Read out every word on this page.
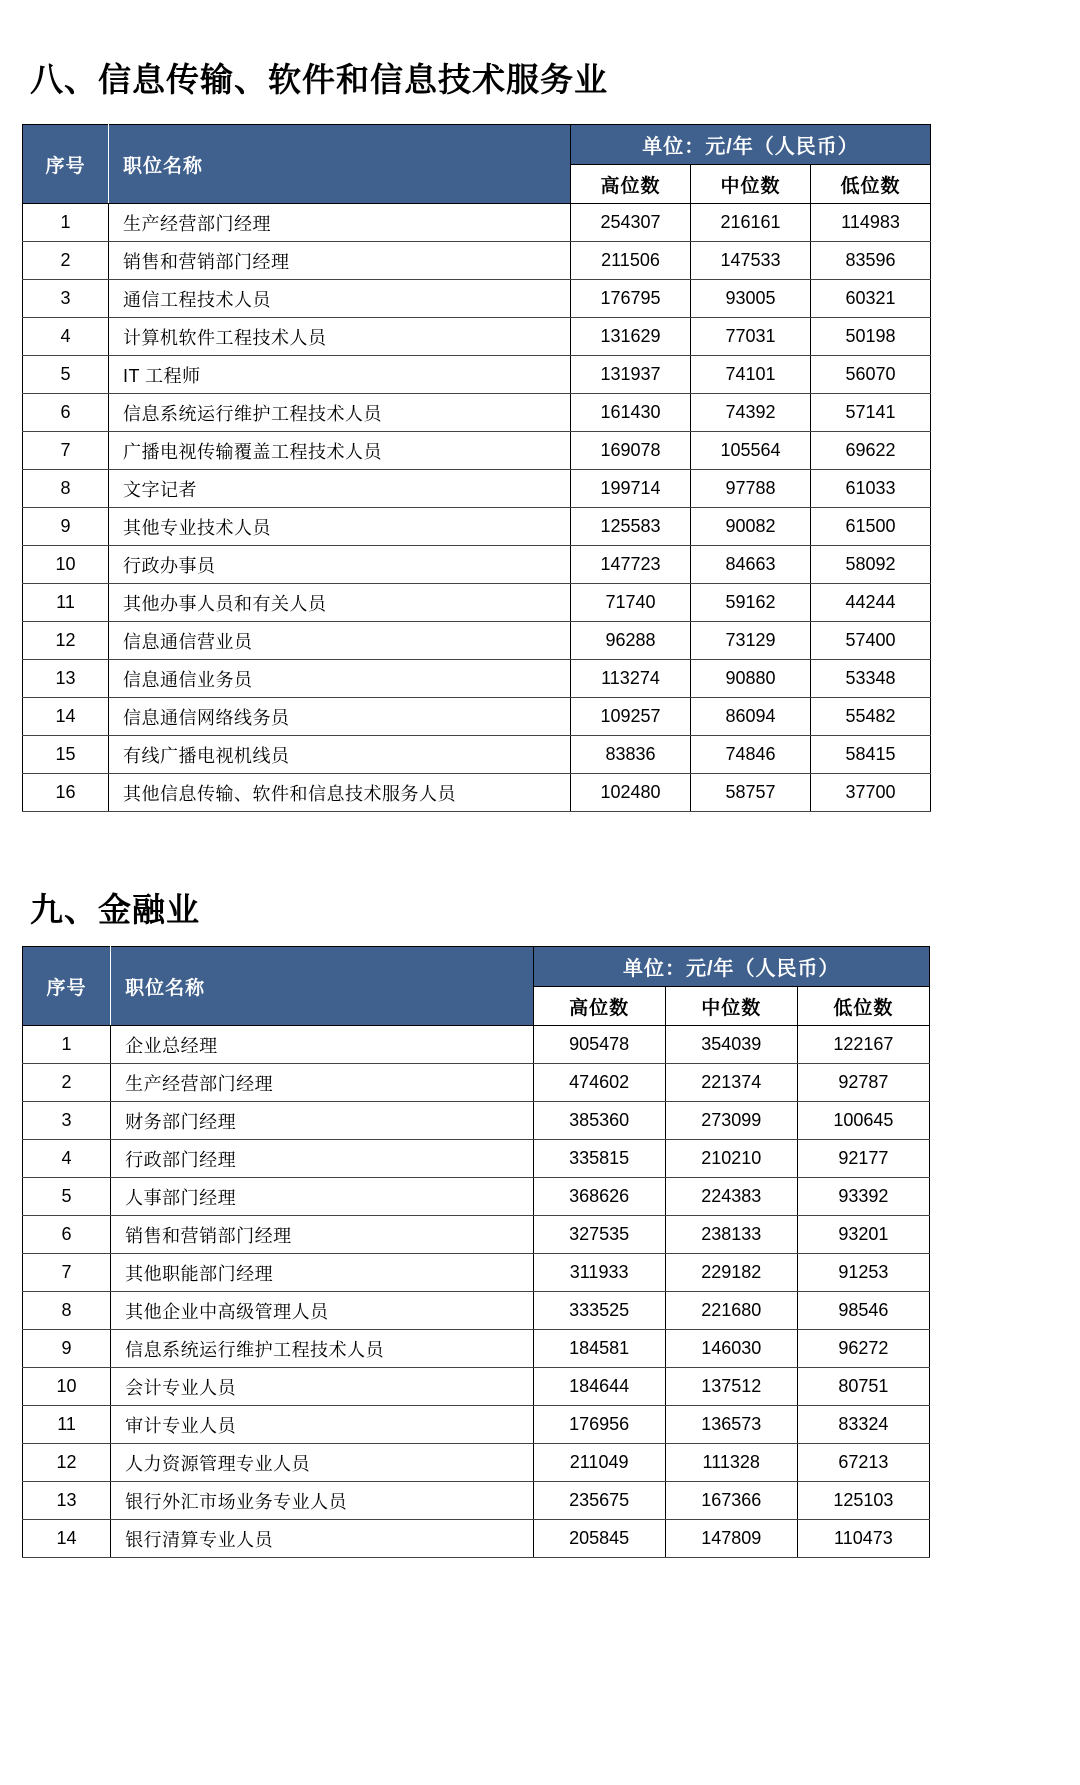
八、信息传输、软件和信息技术服务业
序号	职位名称	单位：元/年（人民币）		
		高位数	中位数	低位数
1	生产经营部门经理	254307	216161	114983
2	销售和营销部门经理	211506	147533	83596
3	通信工程技术人员	176795	93005	60321
4	计算机软件工程技术人员	131629	77031	50198
5	IT 工程师	131937	74101	56070
6	信息系统运行维护工程技术人员	161430	74392	57141
7	广播电视传输覆盖工程技术人员	169078	105564	69622
8	文字记者	199714	97788	61033
9	其他专业技术人员	125583	90082	61500
10	行政办事员	147723	84663	58092
11	其他办事人员和有关人员	71740	59162	44244
12	信息通信营业员	96288	73129	57400
13	信息通信业务员	113274	90880	53348
14	信息通信网络线务员	109257	86094	55482
15	有线广播电视机线员	83836	74846	58415
16	其他信息传输、软件和信息技术服务人员	102480	58757	37700
九、金融业
序号	职位名称	单位：元/年（人民币）		
		高位数	中位数	低位数
1	企业总经理	905478	354039	122167
2	生产经营部门经理	474602	221374	92787
3	财务部门经理	385360	273099	100645
4	行政部门经理	335815	210210	92177
5	人事部门经理	368626	224383	93392
6	销售和营销部门经理	327535	238133	93201
7	其他职能部门经理	311933	229182	91253
8	其他企业中高级管理人员	333525	221680	98546
9	信息系统运行维护工程技术人员	184581	146030	96272
10	会计专业人员	184644	137512	80751
11	审计专业人员	176956	136573	83324
12	人力资源管理专业人员	211049	111328	67213
13	银行外汇市场业务专业人员	235675	167366	125103
14	银行清算专业人员	205845	147809	110473
